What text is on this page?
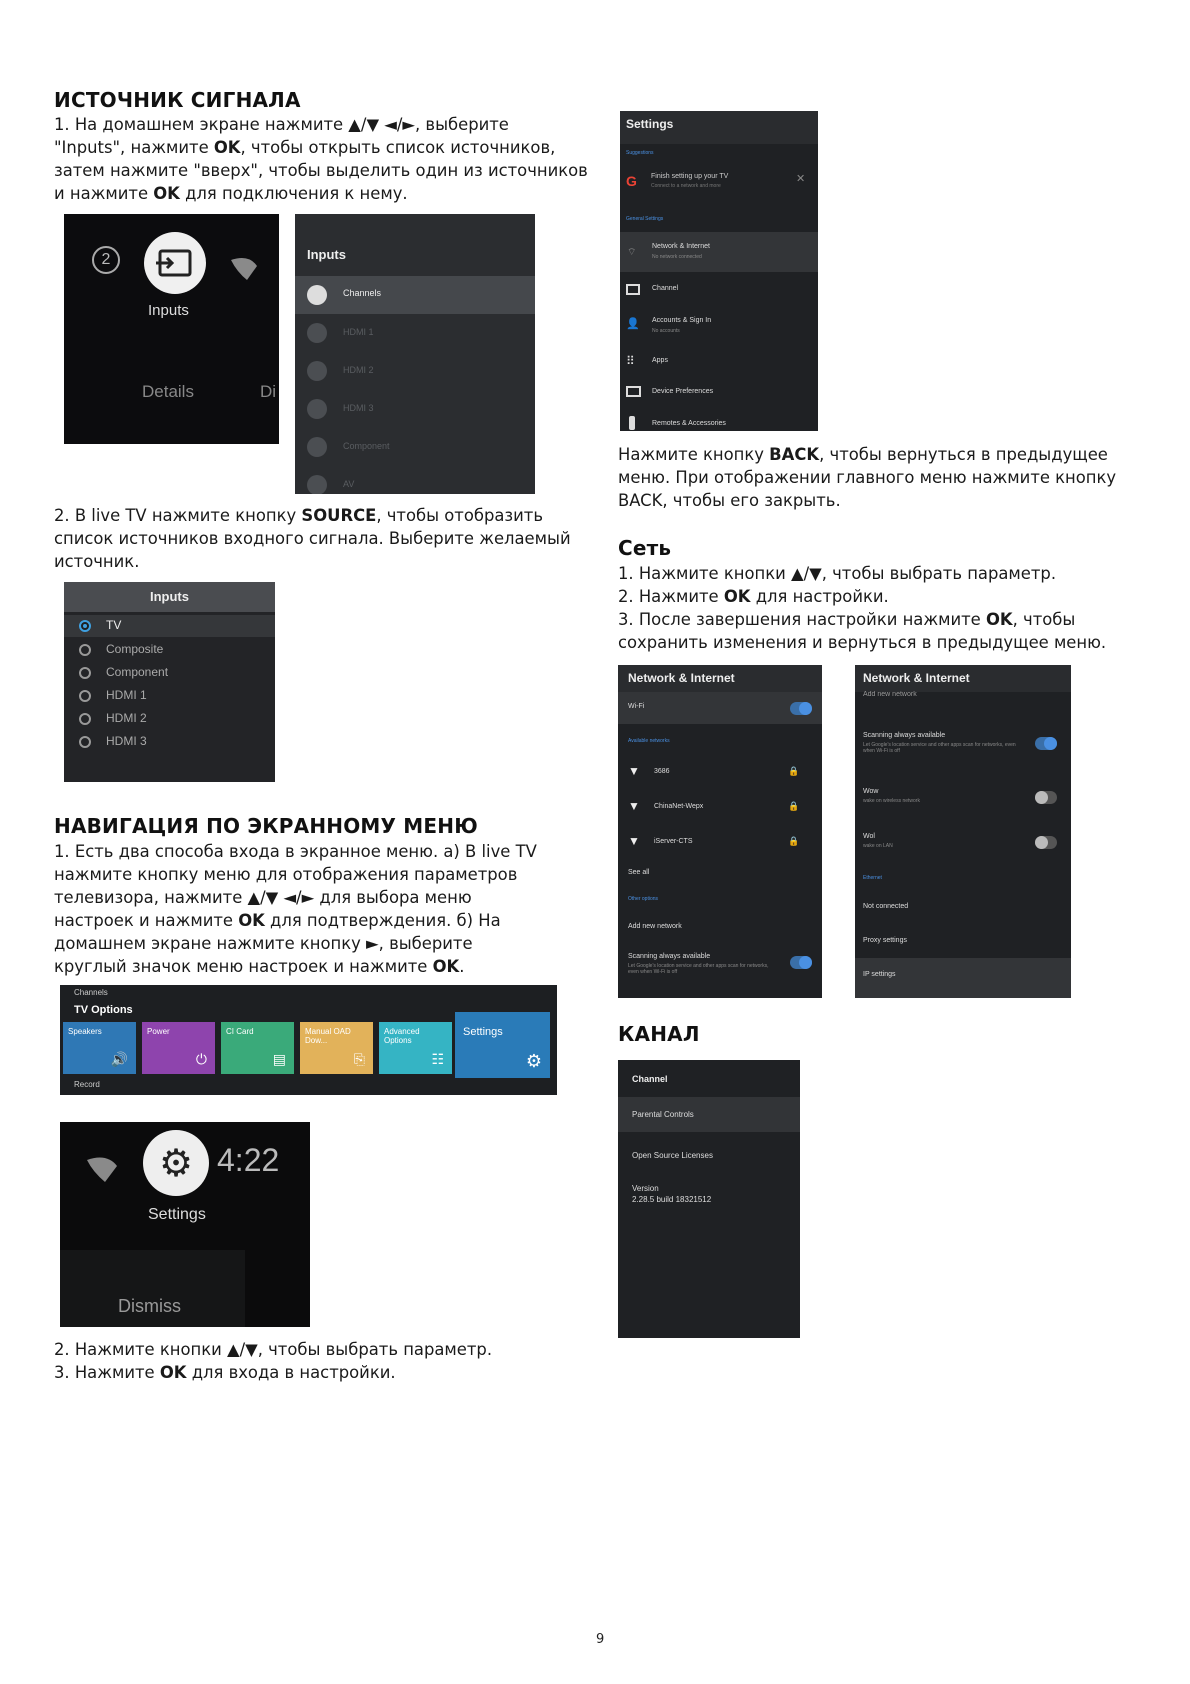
ИСТОЧНИК СИГНАЛА

1. На домашнем экране нажмите ▲/▼ ◄/►, выберите

"Inputs", нажмите OK, чтобы открыть список источников,

затем нажмите "вверх", чтобы выделить один из источников

и нажмите OK для подключения к нему.

2
Inputs
Details	Di
Inputs
Channels
HDMI 1
HDMI 2
HDMI 3
Component
AV

2. В live TV нажмите кнопку SOURCE, чтобы отобразить

список источников входного сигнала. Выберите желаемый

источник.

Inputs
TV
Composite
Component
HDMI 1
HDMI 2
HDMI 3
НАВИГАЦИЯ ПО ЭКРАННОМУ МЕНЮ

1. Есть два способа входа в экранное меню. а) В live TV

нажмите кнопку меню для отображения параметров

телевизора, нажмите ▲/▼ ◄/► для выбора меню

настроек и нажмите OK для подтверждения. б) На

домашнем экране нажмите кнопку ►, выберите

круглый значок меню настроек и нажмите OK.

Channels
TV Options
Speakers
🔊
Power
⏻
CI Card
▤
Manual OAD Dow...
⎘
Advanced Options
☷
Settings
⚙
Record
⚙ 4:22
Settings
Dismiss

2. Нажмите кнопки ▲/▼, чтобы выбрать параметр.

3. Нажмите OK для входа в настройки.

Settings
Suggestions
G Finish setting up your TV
Connect to a network and more
✕
General Settings
⌔
Network & Internet
No network connected
Channel
👤 Accounts & Sign In
No accounts
⠿ Apps
Device Preferences
Remotes & Accessories

Нажмите кнопку BACK, чтобы вернуться в предыдущее

меню. При отображении главного меню нажмите кнопку

BACK, чтобы его закрыть.

Сеть

1. Нажмите кнопки ▲/▼, чтобы выбрать параметр.

2. Нажмите OK для настройки.

3. После завершения настройки нажмите OK, чтобы

сохранить изменения и вернуться в предыдущее меню.

Network & Internet
Wi-Fi
Available networks
▼ 3686	🔒
▼ ChinaNet-Wepx	🔒
▼ iServer-CTS	🔒
See all
Other options
Add new network
Scanning always available
Let Google's location service and other apps scan for networks, even when Wi-Fi is off
Network & Internet
Add new network
Scanning always available
Let Google's location service and other apps scan for networks, even when Wi-Fi is off
Wow
wake on wireless network
Wol
wake on LAN
Ethernet
Not connected
Proxy settings
IP settings
КАНАЛ
Channel
Parental Controls
Open Source Licenses
Version
2.28.5 build 18321512
9
